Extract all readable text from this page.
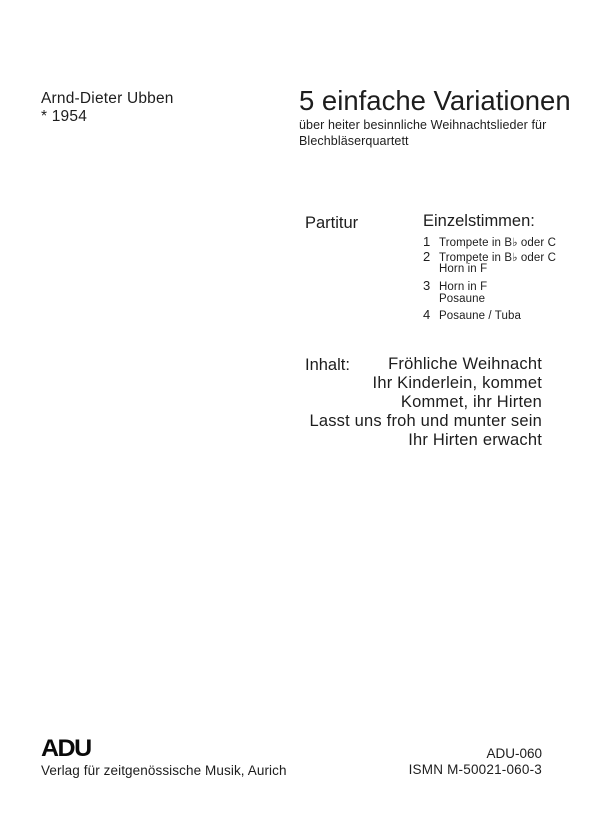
Arnd-Dieter Ubben
* 1954	5 einfache Variationen
über heiter besinnliche Weihnachtslieder für
Blechbläserquartett
Partitur	Einzelstimmen:
1 Trompete in B♭ oder C
2 Trompete in B♭ oder C
Horn in F
3 Horn in F
Posaune
4 Posaune / Tuba
Inhalt:	Fröhliche Weihnacht
Ihr Kinderlein, kommet
Kommet, ihr Hirten
Lasst uns froh und munter sein
Ihr Hirten erwacht
ADU
Verlag für zeitgenössische Musik, Aurich
ADU-060
ISMN M-50021-060-3
